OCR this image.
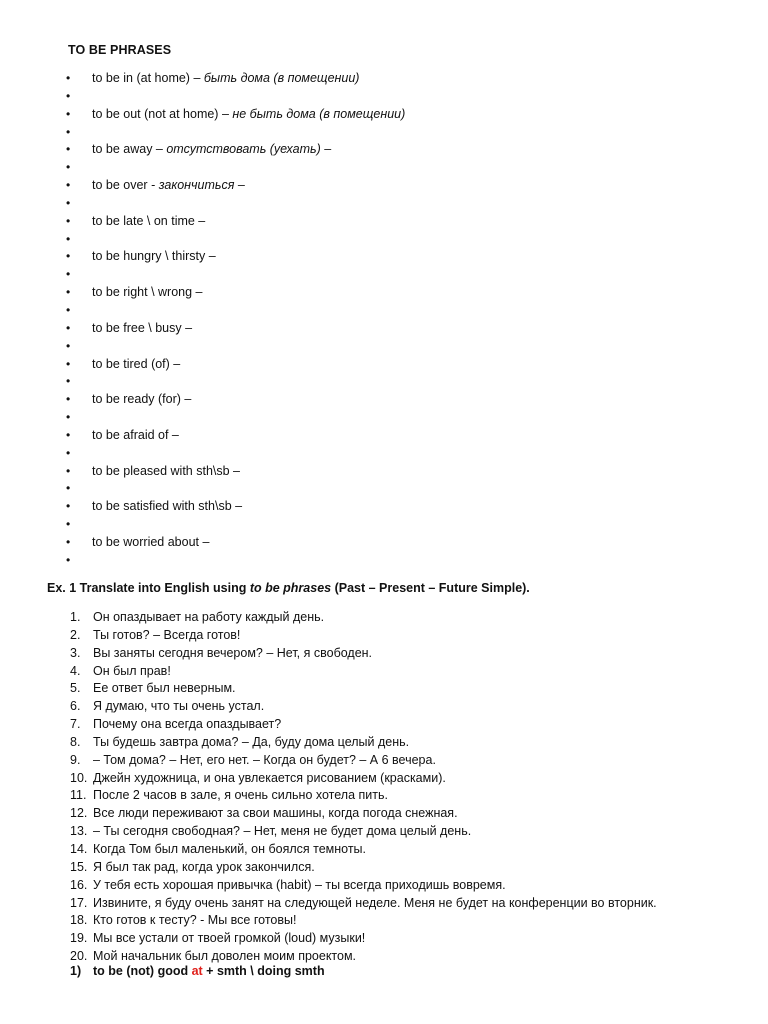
TO BE PHRASES
• to be in (at home) – быть дома (в помещении)
•
• to be out (not at home) – не быть дома (в помещении)
•
• to be away – отсутствовать (уехать) –
•
• to be over - закончиться –
•
• to be late \ on time –
•
• to be hungry \ thirsty –
•
• to be right \ wrong –
•
• to be free \ busy –
•
• to be tired (of) –
•
• to be ready (for) –
•
• to be afraid of –
•
• to be pleased with sth\sb –
•
• to be satisfied with sth\sb –
•
• to be worried about –
•
Ex. 1 Translate into English using to be phrases (Past – Present – Future Simple).
1. Он опаздывает на работу каждый день.
2. Ты готов? – Всегда готов!
3. Вы заняты сегодня вечером? – Нет, я свободен.
4. Он был прав!
5. Ее ответ был неверным.
6. Я думаю, что ты очень устал.
7. Почему она всегда опаздывает?
8. Ты будешь завтра дома? – Да, буду дома целый день.
9. – Том дома? – Нет, его нет. – Когда он будет? – А 6 вечера.
10. Джейн художница, и она увлекается рисованием (красками).
11. После 2 часов в зале, я очень сильно хотела пить.
12. Все люди переживают за свои машины, когда погода снежная.
13. – Ты сегодня свободная? – Нет, меня не будет дома целый день.
14. Когда Том был маленький, он боялся темноты.
15. Я был так рад, когда урок закончился.
16. У тебя есть хорошая привычка (habit) – ты всегда приходишь вовремя.
17. Извините, я буду очень занят на следующей неделе. Меня не будет на конференции во вторник.
18. Кто готов к тесту? - Мы все готовы!
19. Мы все устали от твоей громкой (loud) музыки!
20. Мой начальник был доволен моим проектом.
1) to be (not) good at + smth \ doing smth
